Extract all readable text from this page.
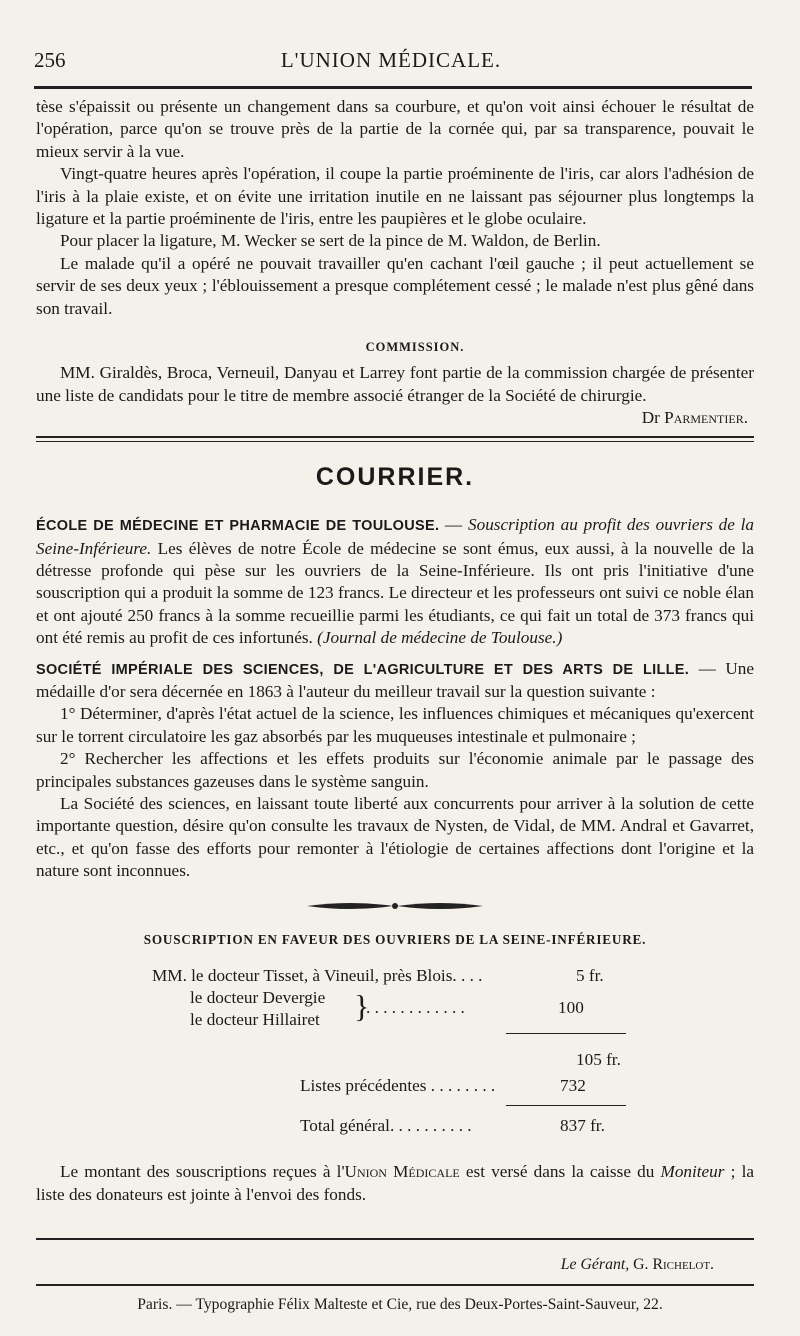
256	L'UNION MÉDICALE.

tèse s'épaissit ou présente un changement dans sa courbure, et qu'on voit ainsi échouer le résultat de l'opération, parce qu'on se trouve près de la partie de la cornée qui, par sa transparence, pouvait le mieux servir à la vue.

Vingt-quatre heures après l'opération, il coupe la partie proéminente de l'iris, car alors l'adhésion de l'iris à la plaie existe, et on évite une irritation inutile en ne laissant pas séjourner plus longtemps la ligature et la partie proéminente de l'iris, entre les paupières et le globe oculaire.

Pour placer la ligature, M. Wecker se sert de la pince de M. Waldon, de Berlin.

Le malade qu'il a opéré ne pouvait travailler qu'en cachant l'œil gauche ; il peut actuellement se servir de ses deux yeux ; l'éblouissement a presque complétement cessé ; le malade n'est plus gêné dans son travail.

COMMISSION.

MM. Giraldès, Broca, Verneuil, Danyau et Larrey font partie de la commission chargée de présenter une liste de candidats pour le titre de membre associé étranger de la Société de chirurgie.

Dr Parmentier.
COURRIER.

ÉCOLE DE MÉDECINE ET PHARMACIE DE TOULOUSE. — Souscription au profit des ouvriers de la Seine-Inférieure. Les élèves de notre École de médecine se sont émus, eux aussi, à la nouvelle de la détresse profonde qui pèse sur les ouvriers de la Seine-Inférieure. Ils ont pris l'initiative d'une souscription qui a produit la somme de 123 francs. Le directeur et les professeurs ont suivi ce noble élan et ont ajouté 250 francs à la somme recueillie parmi les étudiants, ce qui fait un total de 373 francs qui ont été remis au profit de ces infortunés. (Journal de médecine de Toulouse.)

SOCIÉTÉ IMPÉRIALE DES SCIENCES, DE L'AGRICULTURE ET DES ARTS DE LILLE. — Une médaille d'or sera décernée en 1863 à l'auteur du meilleur travail sur la question suivante :

1° Déterminer, d'après l'état actuel de la science, les influences chimiques et mécaniques qu'exercent sur le torrent circulatoire les gaz absorbés par les muqueuses intestinale et pulmonaire ;

2° Rechercher les affections et les effets produits sur l'économie animale par le passage des principales substances gazeuses dans le système sanguin.

La Société des sciences, en laissant toute liberté aux concurrents pour arriver à la solution de cette importante question, désire qu'on consulte les travaux de Nysten, de Vidal, de MM. Andral et Gavarret, etc., et qu'on fasse des efforts pour remonter à l'étiologie de certaines affections dont l'origine et la nature sont inconnues.

SOUSCRIPTION EN FAVEUR DES OUVRIERS DE LA SEINE-INFÉRIEURE.
MM. le docteur Tisset, à Vineuil, près Blois. . . .	5 fr.
le docteur Devergie
le docteur Hillairet }
. . . . . . . . . . . .	100
105 fr.
Listes précédentes . . . . . . . .	732
Total général. . . . . . . . . .	837 fr.

Le montant des souscriptions reçues à l'Union Médicale est versé dans la caisse du Moniteur ; la liste des donateurs est jointe à l'envoi des fonds.

Le Gérant, G. Richelot.
Paris. — Typographie Félix Malteste et Cie, rue des Deux-Portes-Saint-Sauveur, 22.
